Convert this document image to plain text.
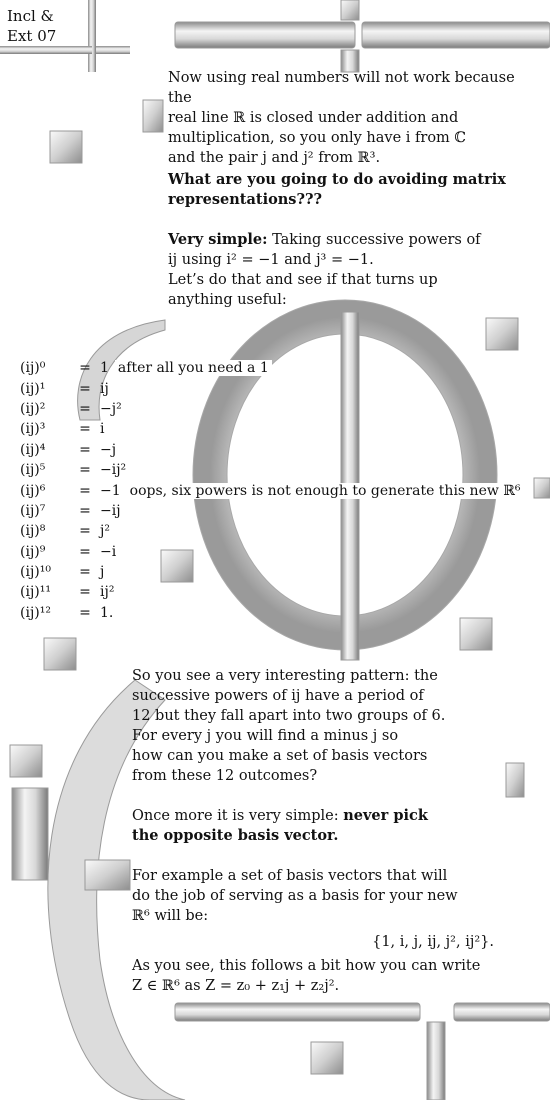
Incl &
Ext 07

Now using real numbers will not work because the

real line ℝ is closed under addition and

multiplication, so you only have i from ℂ

and the pair j and j² from ℝ³.

What are you going to do avoiding matrix

representations???

Very simple: Taking successive powers of

ij using i² = −1 and j³ = −1.

Let’s do that and see if that turns up

anything useful:

(ij)⁰	=	1 after all you need a 1
(ij)¹	=	ij
(ij)²	=	−j²
(ij)³	=	i
(ij)⁴	=	−j
(ij)⁵	=	−ij²
(ij)⁶	=	−1 oops, six powers is not enough to generate this new ℝ⁶
(ij)⁷	=	−ij
(ij)⁸	=	j²
(ij)⁹	=	−i
(ij)¹⁰	=	j
(ij)¹¹	=	ij²
(ij)¹²	=	1.

So you see a very interesting pattern: the

successive powers of ij have a period of

12 but they fall apart into two groups of 6.

For every j you will find a minus j so

how can you make a set of basis vectors

from these 12 outcomes?

Once more it is very simple: never pick

the opposite basis vector.

For example a set of basis vectors that will

do the job of serving as a basis for your new

ℝ⁶ will be:

{1, i, j, ij, j², ij²}.

As you see, this follows a bit how you can write

Z ∈ ℝ⁶ as Z = z₀ + z₁j + z₂j².
